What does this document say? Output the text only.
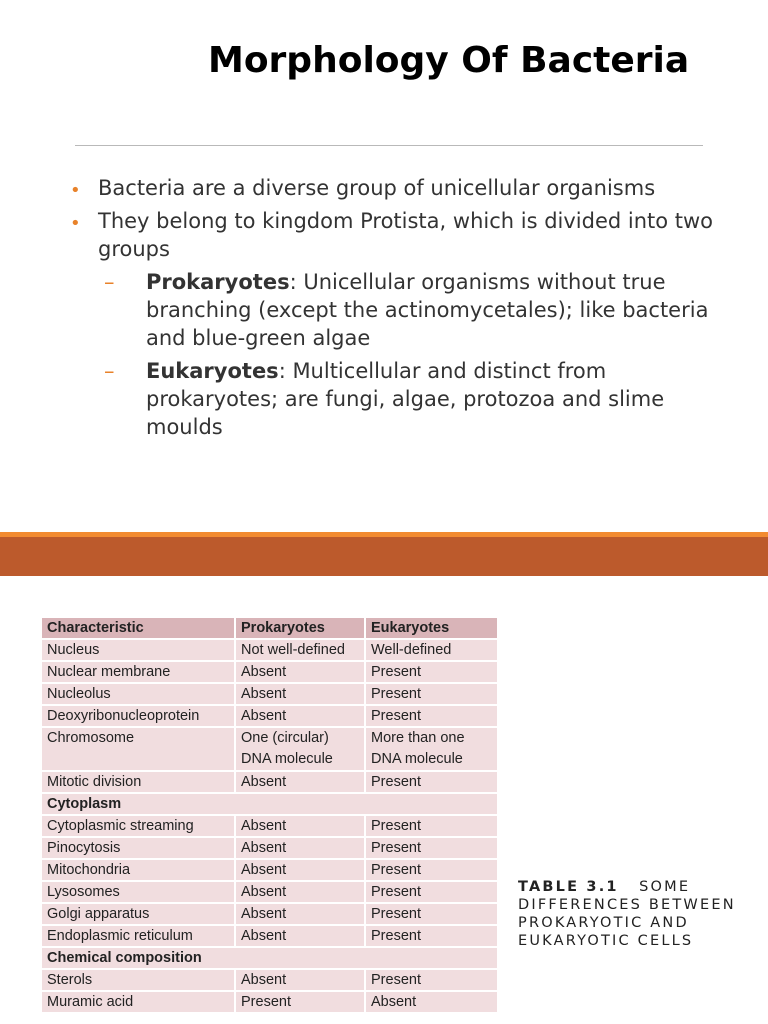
Morphology Of Bacteria
• Bacteria are a diverse group of unicellular organisms
• They belong to kingdom Protista, which is divided into two groups
– Prokaryotes: Unicellular organisms without true branching (except the actinomycetales); like bacteria and blue-green algae
– Eukaryotes: Multicellular and distinct from prokaryotes; are fungi, algae, protozoa and slime moulds
Characteristic	Prokaryotes	Eukaryotes
Nucleus	Not well-defined	Well-defined
Nuclear membrane	Absent	Present
Nucleolus	Absent	Present
Deoxyribonucleoprotein	Absent	Present
Chromosome	One (circular) DNA molecule	More than one DNA molecule
Mitotic division	Absent	Present
Cytoplasm		
Cytoplasmic streaming	Absent	Present
Pinocytosis	Absent	Present
Mitochondria	Absent	Present
Lysosomes	Absent	Present
Golgi apparatus	Absent	Present
Endoplasmic reticulum	Absent	Present
Chemical composition		
Sterols	Absent	Present
Muramic acid	Present	Absent
TABLE 3.1 SOME DIFFERENCES BETWEEN PROKARYOTIC AND EUKARYOTIC CELLS
